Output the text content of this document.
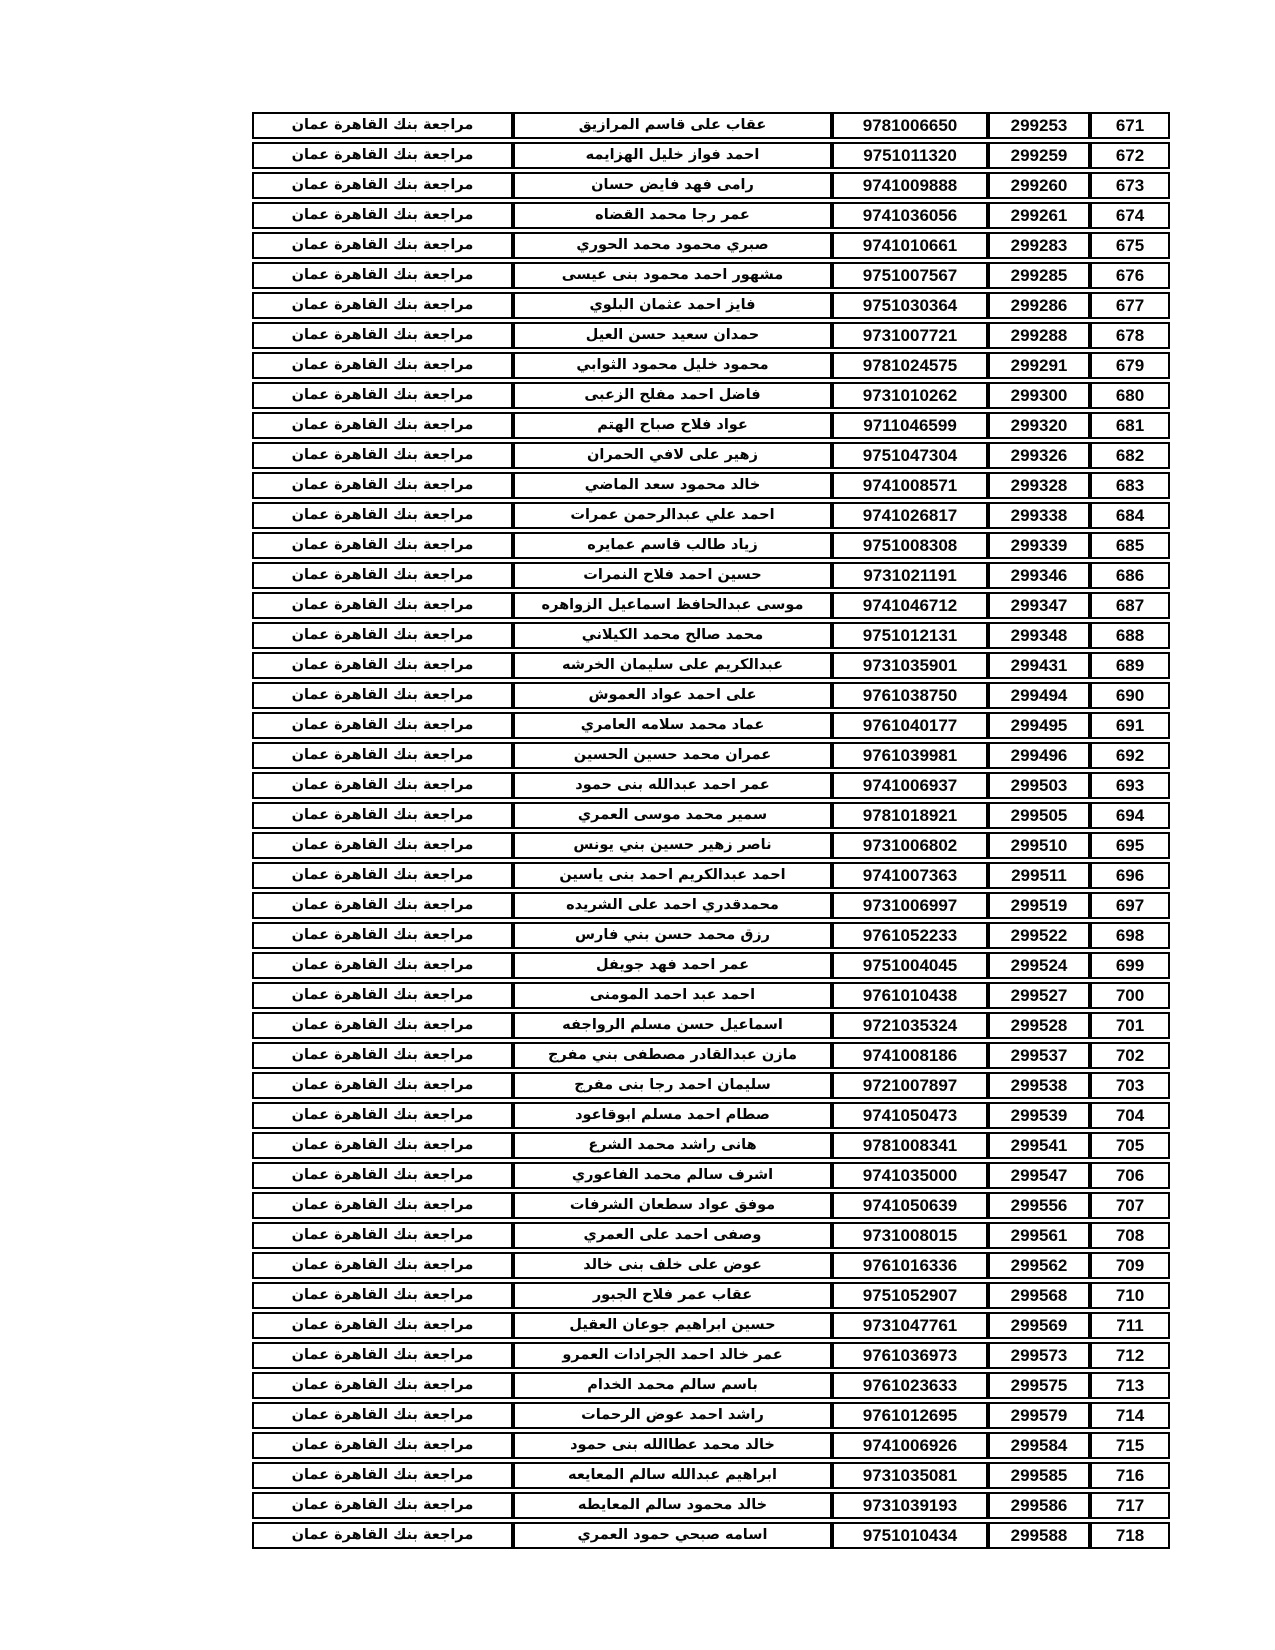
671	299253	9781006650	عقاب على قاسم المرازيق	مراجعة بنك القاهرة عمان
672	299259	9751011320	احمد فواز خليل الهزايمه	مراجعة بنك القاهرة عمان
673	299260	9741009888	رامى فهد فايض حسان	مراجعة بنك القاهرة عمان
674	299261	9741036056	عمر رجا محمد القضاه	مراجعة بنك القاهرة عمان
675	299283	9741010661	صبري محمود محمد الحوري	مراجعة بنك القاهرة عمان
676	299285	9751007567	مشهور احمد محمود بنى عيسى	مراجعة بنك القاهرة عمان
677	299286	9751030364	فايز احمد عثمان البلوي	مراجعة بنك القاهرة عمان
678	299288	9731007721	حمدان سعيد حسن العيل	مراجعة بنك القاهرة عمان
679	299291	9781024575	محمود خليل محمود الثوابي	مراجعة بنك القاهرة عمان
680	299300	9731010262	فاضل احمد مفلح الزعبى	مراجعة بنك القاهرة عمان
681	299320	9711046599	عواد فلاح صباح الهتم	مراجعة بنك القاهرة عمان
682	299326	9751047304	زهير على لافي الحمران	مراجعة بنك القاهرة عمان
683	299328	9741008571	خالد محمود سعد الماضي	مراجعة بنك القاهرة عمان
684	299338	9741026817	احمد علي عبدالرحمن عمرات	مراجعة بنك القاهرة عمان
685	299339	9751008308	زياد طالب قاسم عمايره	مراجعة بنك القاهرة عمان
686	299346	9731021191	حسين احمد فلاح النمرات	مراجعة بنك القاهرة عمان
687	299347	9741046712	موسى عبدالحافظ اسماعيل الزواهره	مراجعة بنك القاهرة عمان
688	299348	9751012131	محمد صالح محمد الكيلاني	مراجعة بنك القاهرة عمان
689	299431	9731035901	عبدالكريم على سليمان الخرشه	مراجعة بنك القاهرة عمان
690	299494	9761038750	على احمد عواد العموش	مراجعة بنك القاهرة عمان
691	299495	9761040177	عماد محمد سلامه العامري	مراجعة بنك القاهرة عمان
692	299496	9761039981	عمران محمد حسين الحسين	مراجعة بنك القاهرة عمان
693	299503	9741006937	عمر احمد عبدالله بنى حمود	مراجعة بنك القاهرة عمان
694	299505	9781018921	سمير محمد موسى العمري	مراجعة بنك القاهرة عمان
695	299510	9731006802	ناصر زهير حسين بني يونس	مراجعة بنك القاهرة عمان
696	299511	9741007363	احمد عبدالكريم احمد بنى ياسين	مراجعة بنك القاهرة عمان
697	299519	9731006997	محمدقدري احمد على الشريده	مراجعة بنك القاهرة عمان
698	299522	9761052233	رزق محمد حسن بني فارس	مراجعة بنك القاهرة عمان
699	299524	9751004045	عمر احمد فهد جويفل	مراجعة بنك القاهرة عمان
700	299527	9761010438	احمد عبد احمد المومنى	مراجعة بنك القاهرة عمان
701	299528	9721035324	اسماعيل حسن مسلم الرواجفه	مراجعة بنك القاهرة عمان
702	299537	9741008186	مازن عبدالقادر مصطفى بني مفرج	مراجعة بنك القاهرة عمان
703	299538	9721007897	سليمان احمد رجا بنى مفرج	مراجعة بنك القاهرة عمان
704	299539	9741050473	صطام احمد مسلم ابوقاعود	مراجعة بنك القاهرة عمان
705	299541	9781008341	هانى راشد محمد الشرع	مراجعة بنك القاهرة عمان
706	299547	9741035000	اشرف سالم محمد الفاعوري	مراجعة بنك القاهرة عمان
707	299556	9741050639	موفق عواد سطعان الشرفات	مراجعة بنك القاهرة عمان
708	299561	9731008015	وصفى احمد على العمري	مراجعة بنك القاهرة عمان
709	299562	9761016336	عوض على خلف بنى خالد	مراجعة بنك القاهرة عمان
710	299568	9751052907	عقاب عمر فلاح الجبور	مراجعة بنك القاهرة عمان
711	299569	9731047761	حسين ابراهيم جوعان العقيل	مراجعة بنك القاهرة عمان
712	299573	9761036973	عمر خالد احمد الجرادات العمرو	مراجعة بنك القاهرة عمان
713	299575	9761023633	باسم سالم محمد الخدام	مراجعة بنك القاهرة عمان
714	299579	9761012695	راشد احمد عوض الرحمات	مراجعة بنك القاهرة عمان
715	299584	9741006926	خالد محمد عطاالله بنى حمود	مراجعة بنك القاهرة عمان
716	299585	9731035081	ابراهيم عبدالله سالم المعايعه	مراجعة بنك القاهرة عمان
717	299586	9731039193	خالد محمود سالم المعايطه	مراجعة بنك القاهرة عمان
718	299588	9751010434	اسامه صبحي حمود العمري	مراجعة بنك القاهرة عمان
